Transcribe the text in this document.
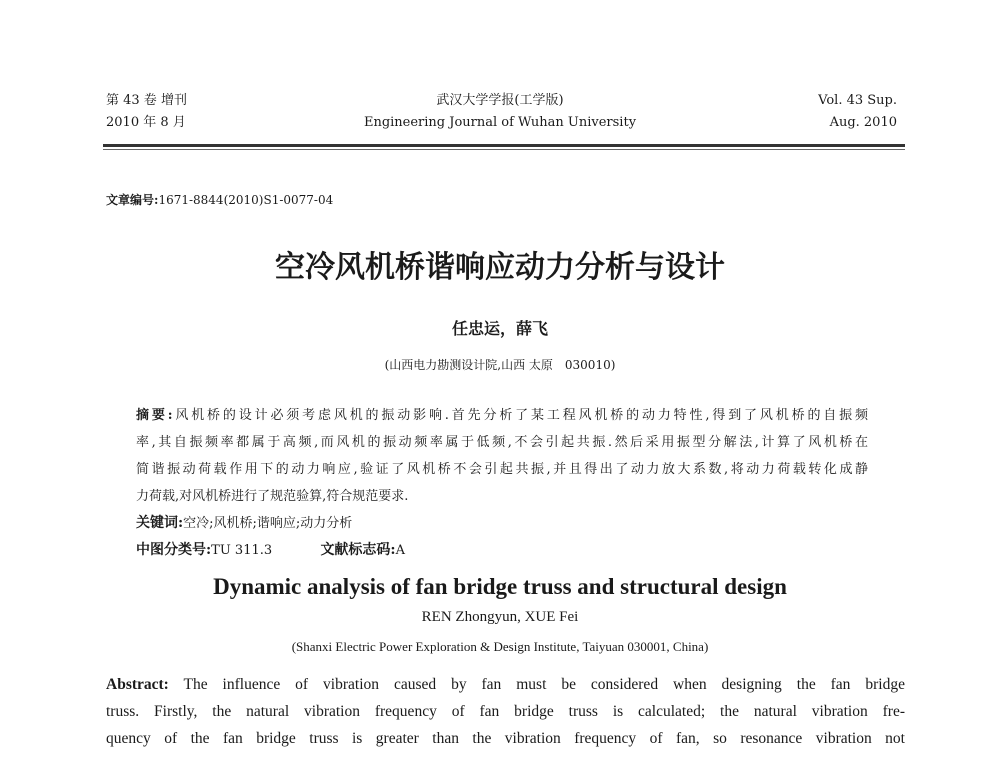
第 43 卷 增刊
2010 年 8 月
武汉大学学报(工学版)
Engineering Journal of Wuhan University
Vol. 43 Sup.
Aug. 2010
文章编号:1671-8844(2010)S1-0077-04
空冷风机桥谐响应动力分析与设计
任忠运，薛飞
(山西电力勘测设计院,山西 太原　030010)
摘要:风机桥的设计必须考虑风机的振动影响.首先分析了某工程风机桥的动力特性,得到了风机桥的自振频
率,其自振频率都属于高频,而风机的振动频率属于低频,不会引起共振.然后采用振型分解法,计算了风机桥在
简谐振动荷载作用下的动力响应,验证了风机桥不会引起共振,并且得出了动力放大系数,将动力荷载转化成静
力荷载,对风机桥进行了规范验算,符合规范要求.
关键词:空冷;风机桥;谐响应;动力分析
中图分类号:TU 311.3	文献标志码:A
Dynamic analysis of fan bridge truss and structural design
REN Zhongyun, XUE Fei
(Shanxi Electric Power Exploration & Design Institute, Taiyuan 030001, China)
Abstract: The influence of vibration caused by fan must be considered when designing the fan bridge
truss. Firstly, the natural vibration frequency of fan bridge truss is calculated; the natural vibration fre-
quency of the fan bridge truss is greater than the vibration frequency of fan, so resonance vibration not
